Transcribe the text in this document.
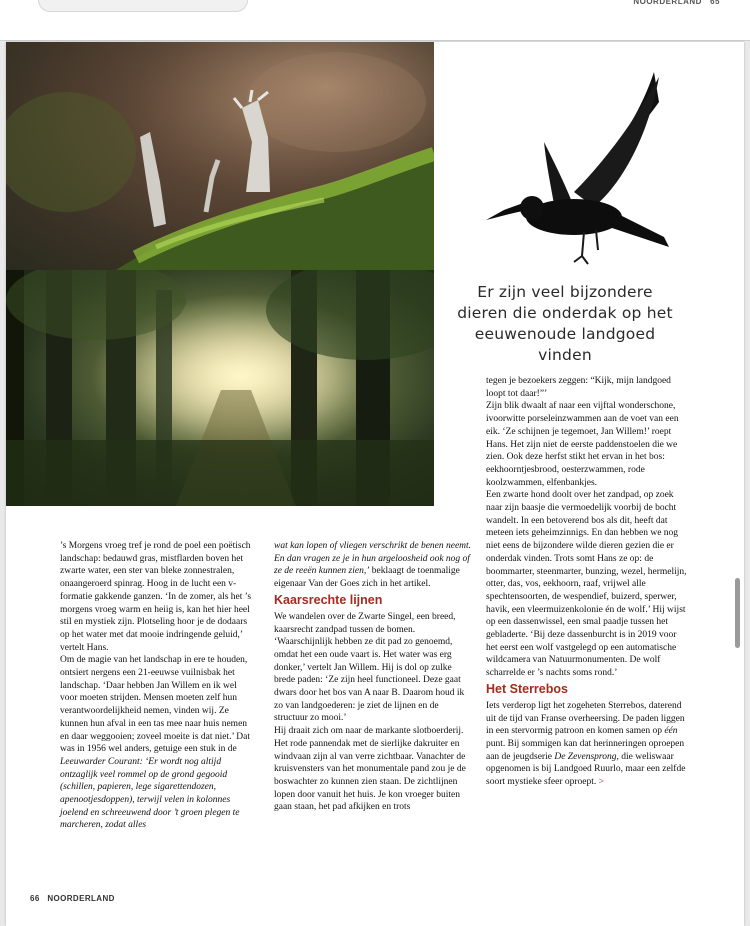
NOORDERLAND 65
Er zijn veel bijzondere
dieren die onderdak op het
eeuwenoude landgoed vinden

’s Morgens vroeg tref je rond de poel een poëtisch landschap: bedauwd gras, mistflarden boven het zwarte water, een ster van bleke zonnestralen, onaangeroerd spinrag. Hoog in de lucht een v-formatie gakkende ganzen. ‘In de zomer, als het ’s morgens vroeg warm en heiig is, kan het hier heel stil en mystiek zijn. Plotseling hoor je de dodaars op het water met dat mooie indringende geluid,’ vertelt Hans.

Om de magie van het landschap in ere te houden, ontsiert nergens een 21-eeuwse vuilnisbak het landschap. ‘Daar hebben Jan Willem en ik wel voor moeten strijden. Mensen moeten zelf hun verantwoordelijkheid nemen, vinden wij. Ze kunnen hun afval in een tas mee naar huis nemen en daar weggooien; zoveel moeite is dat niet.’ Dat was in 1956 wel anders, getuige een stuk in de Leeuwarder Courant: ‘Er wordt nog altijd ontzaglijk veel rommel op de grond gegooid (schillen, papieren, lege sigarettendozen, apenootjesdoppen), terwijl velen in kolonnes joelend en schreeuwend door ’t groen plegen te marcheren, zodat alles

wat kan lopen of vliegen verschrikt de benen neemt. En dan vragen ze je in hun argeloosheid ook nog of ze de reeën kunnen zien,’ beklaagt de toenmalige eigenaar Van der Goes zich in het artikel.

Kaarsrechte lijnen

We wandelen over de Zwarte Singel, een breed, kaarsrecht zandpad tussen de bomen. ‘Waarschijnlijk hebben ze dit pad zo genoemd, omdat het een oude vaart is. Het water was erg donker,’ vertelt Jan Willem. Hij is dol op zulke brede paden: ‘Ze zijn heel functioneel. Deze gaat dwars door het bos van A naar B. Daarom houd ik zo van landgoederen: je ziet de lijnen en de structuur zo mooi.’

Hij draait zich om naar de markante slotboerderij. Het rode pannendak met de sierlijke dakruiter en windvaan zijn al van verre zichtbaar. Vanachter de kruisvensters van het monumentale pand zou je de boswachter zo kunnen zien staan. De zichtlijnen lopen door vanuit het huis. Je kon vroeger buiten gaan staan, het pad afkijken en trots

tegen je bezoekers zeggen: “Kijk, mijn landgoed loopt tot daar!”’

Zijn blik dwaalt af naar een vijftal wonderschone, ivoorwitte porseleinzwammen aan de voet van een eik. ‘Ze schijnen je tegemoet, Jan Willem!’ roept Hans. Het zijn niet de eerste paddenstoelen die we zien. Ook deze herfst stikt het ervan in het bos: eekhoorntjesbrood, oesterzwammen, rode koolzwammen, elfenbankjes.

Een zwarte hond doolt over het zandpad, op zoek naar zijn baasje die vermoedelijk voorbij de bocht wandelt. In een betoverend bos als dit, heeft dat meteen iets geheimzinnigs. En dan hebben we nog niet eens de bijzondere wilde dieren gezien die er onderdak vinden. Trots somt Hans ze op: de boommarter, steenmarter, bunzing, wezel, hermelijn, otter, das, vos, eekhoorn, raaf, vrijwel alle spechtensoorten, de wespendief, buizerd, sperwer, havik, een vleermuizenkolonie én de wolf.’ Hij wijst op een dassenwissel, een smal paadje tussen het gebladerte. ‘Bij deze dassenburcht is in 2019 voor het eerst een wolf vastgelegd op een automatische wildcamera van Natuurmonumenten. De wolf scharrelde er ’s nachts soms rond.’

Het Sterrebos

Iets verderop ligt het zogeheten Sterrebos, daterend uit de tijd van Franse overheersing. De paden liggen in een stervormig patroon en komen samen op één punt. Bij sommigen kan dat herinneringen oproepen aan de jeugdserie De Zevensprong, die weliswaar opgenomen is bij Landgoed Ruurlo, maar een zelfde soort mystieke sfeer oproept. >

66 NOORDERLAND
